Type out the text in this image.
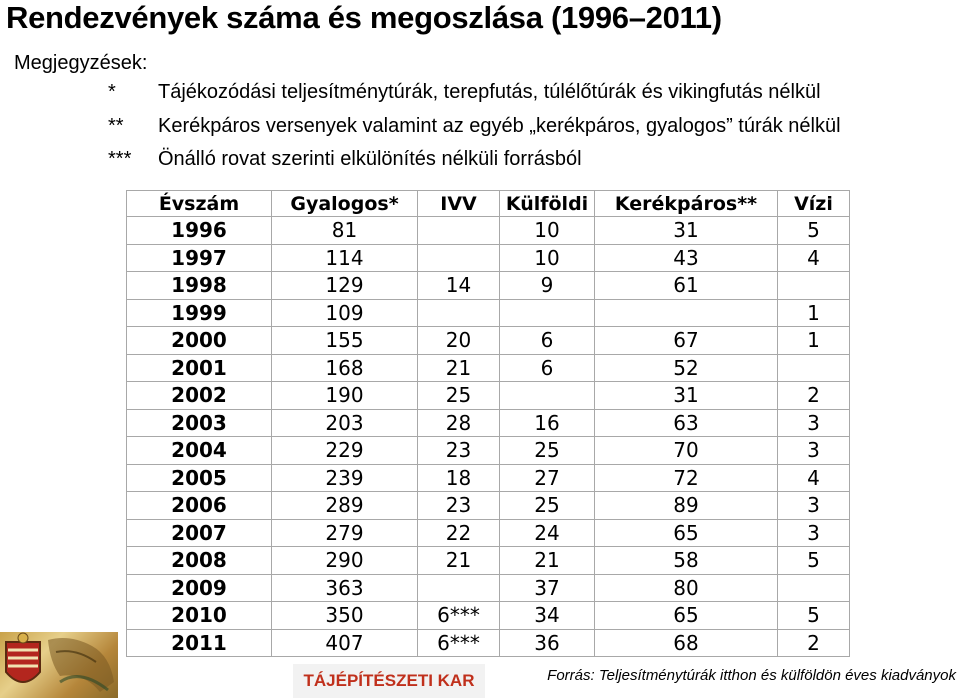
Rendezvények száma és megoszlása (1996–2011)
Megjegyzések:
* Tájékozódási teljesítménytúrák, terepfutás, túlélőtúrák és vikingfutás nélkül
** Kerékpáros versenyek valamint az egyéb „kerékpáros, gyalogos” túrák nélkül
*** Önálló rovat szerinti elkülönítés nélküli forrásból
Évszám	Gyalogos*	IVV	Külföldi	Kerékpáros**	Vízi
1996	81		10	31	5
1997	114		10	43	4
1998	129	14	9	61	
1999	109				1
2000	155	20	6	67	1
2001	168	21	6	52	
2002	190	25		31	2
2003	203	28	16	63	3
2004	229	23	25	70	3
2005	239	18	27	72	4
2006	289	23	25	89	3
2007	279	22	24	65	3
2008	290	21	21	58	5
2009	363		37	80	
2010	350	6***	34	65	5
2011	407	6***	36	68	2
TÁJÉPÍTÉSZETI KAR	Forrás: Teljesítménytúrák itthon és külföldön éves kiadványok
